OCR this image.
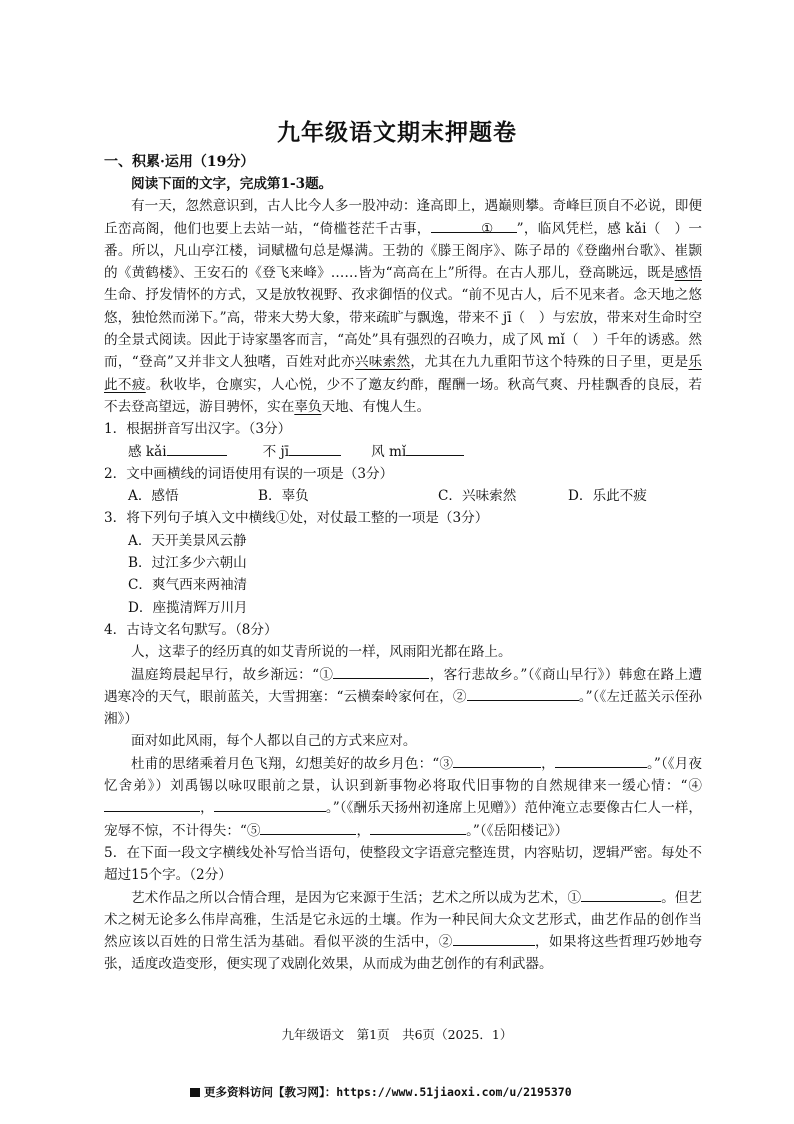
九年级语文期末押题卷
一、积累·运用（19分）

阅读下面的文字，完成第1-3题。

有一天，忽然意识到，古人比今人多一股冲动：逢高即上，遇巅则攀。奇峰巨顶自不必说，即便丘峦高阁，他们也要上去站一站，“倚槛苍茫千古事，	① ”，临风凭栏，感 kǎi（　）一番。所以，凡山亭江楼，词赋楹句总是爆满。王勃的《滕王阁序》、陈子昂的《登幽州台歌》、崔颢的《黄鹤楼》、王安石的《登飞来峰》……皆为“高高在上”所得。在古人那儿，登高眺远，既是感悟生命、抒发情怀的方式，又是放牧视野、孜求御悟的仪式。“前不见古人，后不见来者。念天地之悠悠，独怆然而涕下。”高，带来大势大象，带来疏旷与飘逸，带来不 jī（　）与宏放，带来对生命时空的全景式阅读。因此于诗家墨客而言，“高处”具有强烈的召唤力，成了风 mǐ（　）千年的诱惑。然而，“登高”又并非文人独嗜，百姓对此亦兴味索然，尤其在九九重阳节这个特殊的日子里，更是乐此不疲。秋收毕，仓廪实，人心悦，少不了邀友约酢，醒酬一场。秋高气爽、丹桂飘香的良辰，若不去登高望远，游目骋怀，实在辜负天地、有愧人生。

1．根据拼音写出汉字。（3分）

感 kǎi	不 jī	风 mǐ

2．文中画横线的词语使用有误的一项是（3分）

A．感悟	B．辜负	C．兴味索然	D．乐此不疲

3．将下列句子填入文中横线①处，对仗最工整的一项是（3分）

A．天开美景风云静

B．过江多少六朝山

C．爽气西来两袖清

D．座揽清辉万川月

4．古诗文名句默写。（8分）

人，这辈子的经历真的如艾青所说的一样，风雨阳光都在路上。

温庭筠晨起早行，故乡渐远：“①	，客行悲故乡。”（《商山早行》）韩愈在路上遭遇寒冷的天气，眼前蓝关，大雪拥塞：“云横秦岭家何在，②	。”（《左迁蓝关示侄孙湘》）

面对如此风雨，每个人都以自己的方式来应对。

杜甫的思绪乘着月色飞翔，幻想美好的故乡月色：“③	，	。”（《月夜忆舍弟》）刘禹锡以咏叹眼前之景，认识到新事物必将取代旧事物的自然规律来一缓心情：“④，	。”（《酬乐天扬州初逢席上见赠》）范仲淹立志要像古仁人一样，宠辱不惊，不计得失：“⑤	，	。”（《岳阳楼记》）

5．在下面一段文字横线处补写恰当语句，使整段文字语意完整连贯，内容贴切，逻辑严密。每处不超过15个字。（2分）

艺术作品之所以合情合理，是因为它来源于生活；艺术之所以成为艺术，①	。但艺术之树无论多么伟岸高雅，生活是它永远的土壤。作为一种民间大众文艺形式，曲艺作品的创作当然应该以百姓的日常生活为基础。看似平淡的生活中，②	，如果将这些哲理巧妙地夸张，适度改造变形，便实现了戏剧化效果，从而成为曲艺创作的有利武器。

九年级语文　第1页　共6页（2025．1）
更多资料访问【教习网】：https://www.51jiaoxi.com/u/2195370
